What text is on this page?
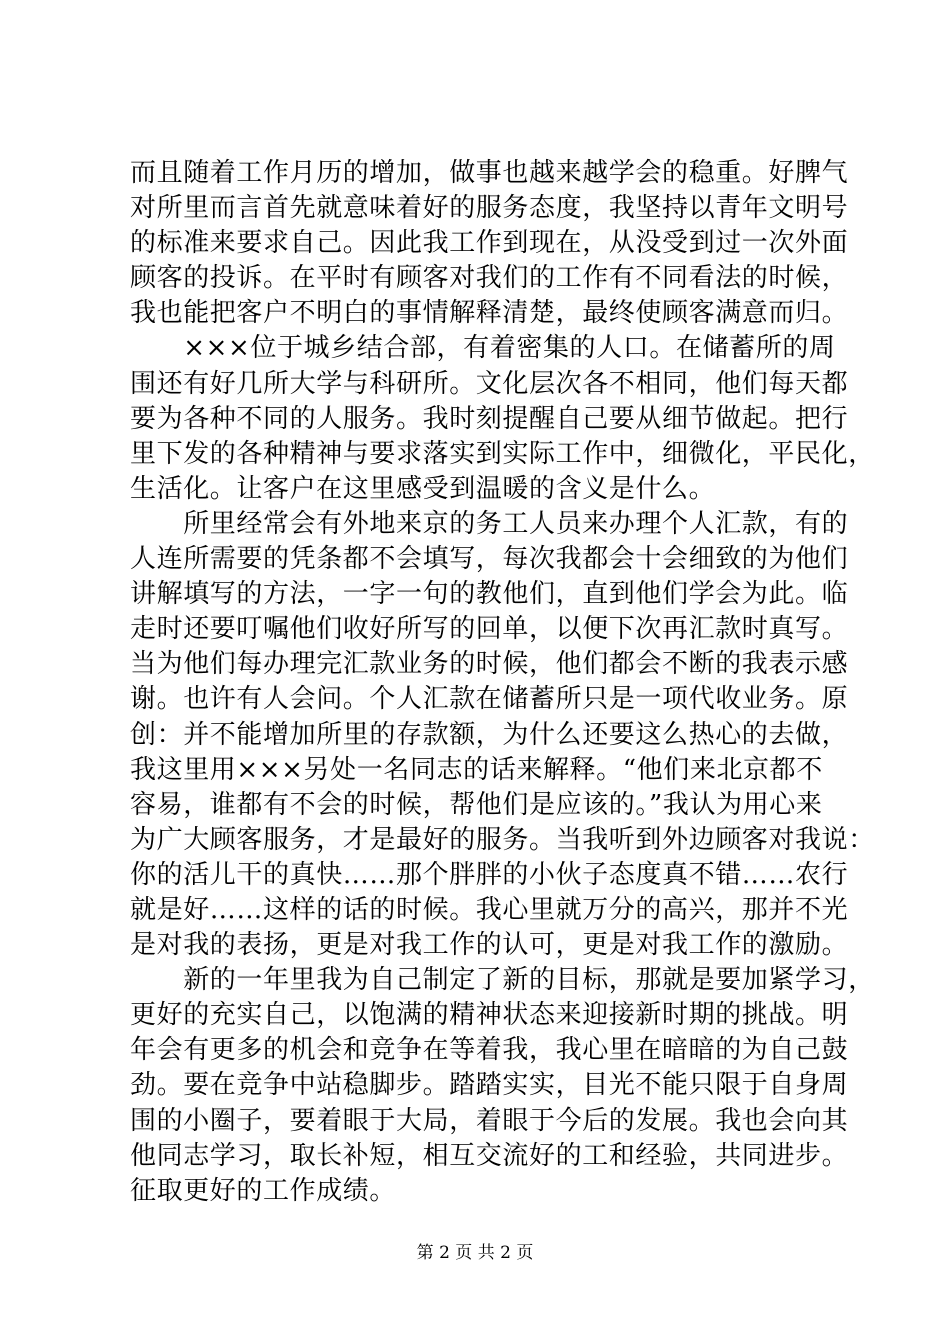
而且随着工作月历的增加，做事也越来越学会的稳重。好脾气
对所里而言首先就意味着好的服务态度，我坚持以青年文明号
的标准来要求自己。因此我工作到现在，从没受到过一次外面
顾客的投诉。在平时有顾客对我们的工作有不同看法的时候，
我也能把客户不明白的事情解释清楚，最终使顾客满意而归。
　　×××位于城乡结合部，有着密集的人口。在储蓄所的周
围还有好几所大学与科研所。文化层次各不相同，他们每天都
要为各种不同的人服务。我时刻提醒自己要从细节做起。把行
里下发的各种精神与要求落实到实际工作中，细微化，平民化，
生活化。让客户在这里感受到温暖的含义是什么。
　　所里经常会有外地来京的务工人员来办理个人汇款，有的
人连所需要的凭条都不会填写，每次我都会十会细致的为他们
讲解填写的方法，一字一句的教他们，直到他们学会为此。临
走时还要叮嘱他们收好所写的回单，以便下次再汇款时真写。
当为他们每办理完汇款业务的时候，他们都会不断的我表示感
谢。也许有人会问。个人汇款在储蓄所只是一项代收业务。原
创：并不能增加所里的存款额，为什么还要这么热心的去做，
我这里用×××另处一名同志的话来解释。“他们来北京都不
容易，谁都有不会的时候，帮他们是应该的。”我认为用心来
为广大顾客服务，才是最好的服务。当我听到外边顾客对我说：
你的活儿干的真快……那个胖胖的小伙子态度真不错……农行
就是好……这样的话的时候。我心里就万分的高兴，那并不光
是对我的表扬，更是对我工作的认可，更是对我工作的激励。
　　新的一年里我为自己制定了新的目标，那就是要加紧学习，
更好的充实自己，以饱满的精神状态来迎接新时期的挑战。明
年会有更多的机会和竞争在等着我，我心里在暗暗的为自己鼓
劲。要在竞争中站稳脚步。踏踏实实，目光不能只限于自身周
围的小圈子，要着眼于大局，着眼于今后的发展。我也会向其
他同志学习，取长补短，相互交流好的工和经验，共同进步。
征取更好的工作成绩。
第 2 页 共 2 页
